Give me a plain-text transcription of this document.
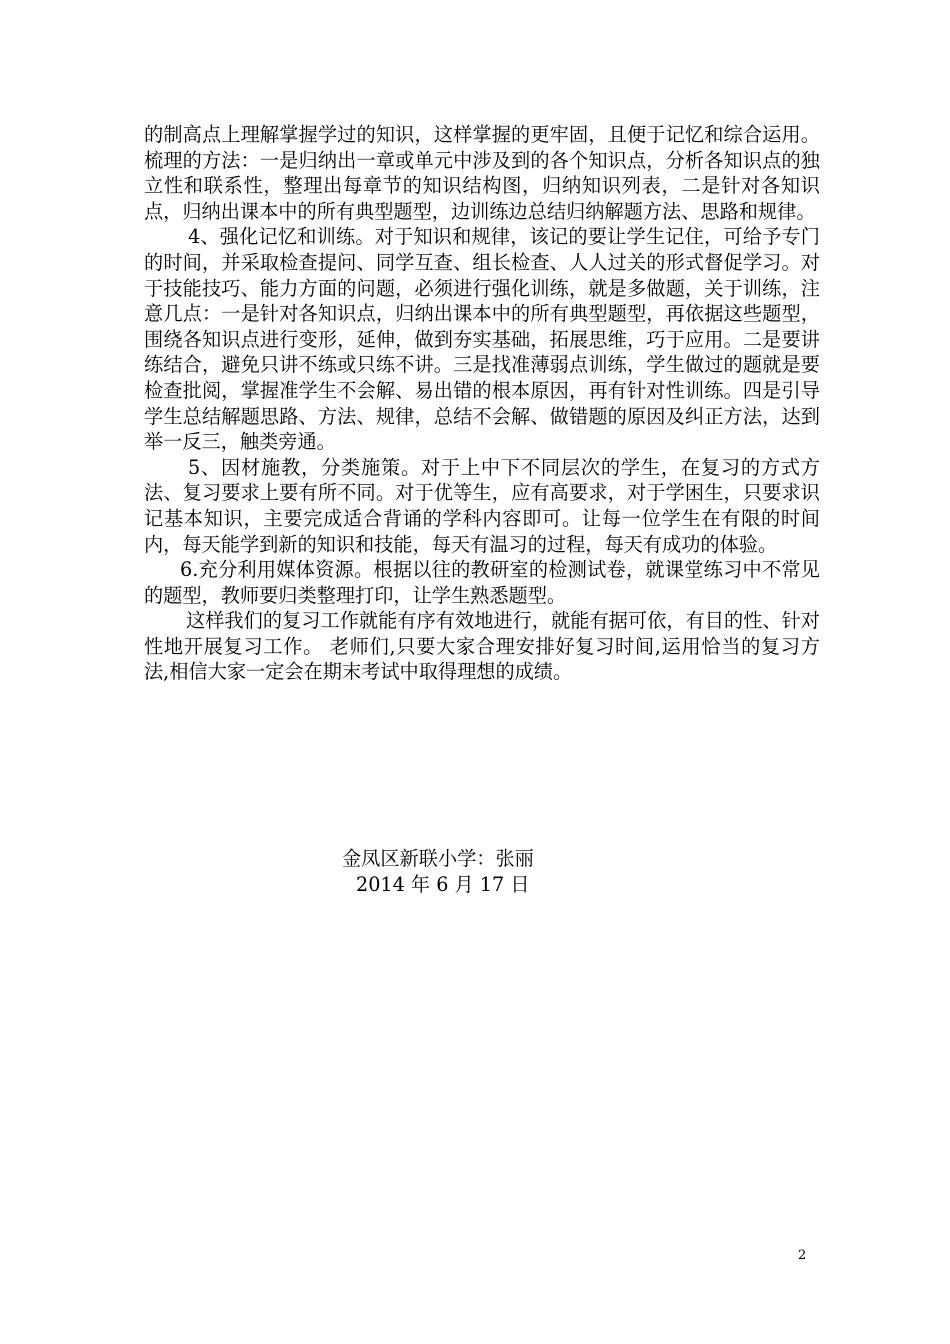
的制高点上理解掌握学过的知识，这样掌握的更牢固，且便于记忆和综合运用。梳理的方法：一是归纳出一章或单元中涉及到的各个知识点，分析各知识点的独立性和联系性，整理出每章节的知识结构图，归纳知识列表，二是针对各知识点，归纳出课本中的所有典型题型，边训练边总结归纳解题方法、思路和规律。

4、强化记忆和训练。对于知识和规律，该记的要让学生记住，可给予专门的时间，并采取检查提问、同学互查、组长检查、人人过关的形式督促学习。对于技能技巧、能力方面的问题，必须进行强化训练，就是多做题，关于训练，注意几点：一是针对各知识点，归纳出课本中的所有典型题型，再依据这些题型，围绕各知识点进行变形，延伸，做到夯实基础，拓展思维，巧于应用。二是要讲练结合，避免只讲不练或只练不讲。三是找准薄弱点训练，学生做过的题就是要检查批阅，掌握准学生不会解、易出错的根本原因，再有针对性训练。四是引导学生总结解题思路、方法、规律，总结不会解、做错题的原因及纠正方法，达到举一反三，触类旁通。

5、因材施教，分类施策。对于上中下不同层次的学生，在复习的方式方法、复习要求上要有所不同。对于优等生，应有高要求，对于学困生，只要求识记基本知识，主要完成适合背诵的学科内容即可。让每一位学生在有限的时间内，每天能学到新的知识和技能，每天有温习的过程，每天有成功的体验。

6.充分利用媒体资源。根据以往的教研室的检测试卷，就课堂练习中不常见的题型，教师要归类整理打印，让学生熟悉题型。

这样我们的复习工作就能有序有效地进行，就能有据可依，有目的性、针对性地开展复习工作。 老师们,只要大家合理安排好复习时间,运用恰当的复习方法,相信大家一定会在期末考试中取得理想的成绩。

金凤区新联小学：张丽
2014 年 6 月 17 日
2
